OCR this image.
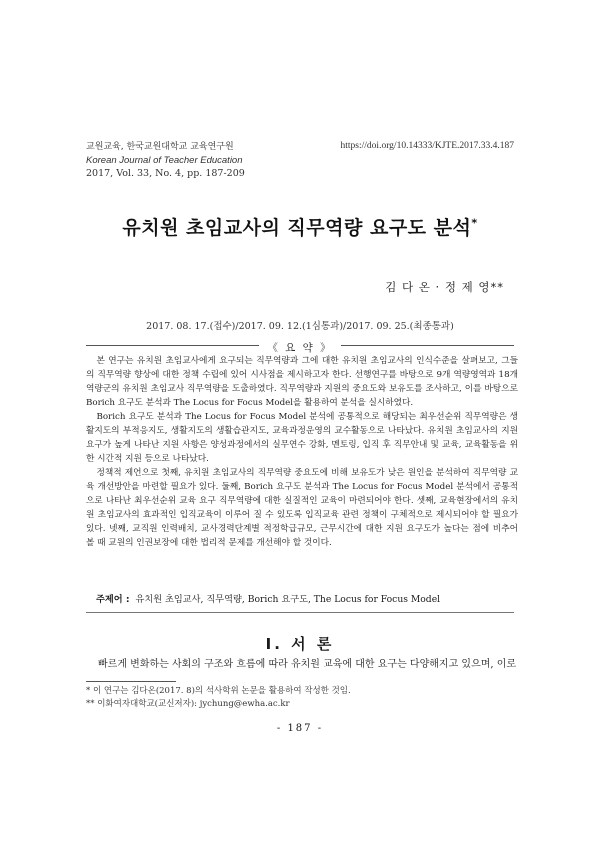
교원교육, 한국교원대학교 교육연구원
Korean Journal of Teacher Education
2017, Vol. 33, No. 4, pp. 187-209
https://doi.org/10.14333/KJTE.2017.33.4.187
유치원 초임교사의 직무역량 요구도 분석*
김 다 온 · 정 제 영**
2017. 08. 17.(접수)/2017. 09. 12.(1심통과)/2017. 09. 25.(최종통과)
《 요 약 》

본 연구는 유치원 초임교사에게 요구되는 직무역량과 그에 대한 유치원 초임교사의 인식수준을 살펴보고, 그들의 직무역량 향상에 대한 정책 수립에 있어 시사점을 제시하고자 한다. 선행연구를 바탕으로 9개 역량영역과 18개 역량군의 유치원 초임교사 직무역량을 도출하였다. 직무역량과 지원의 중요도와 보유도를 조사하고, 이를 바탕으로 Borich 요구도 분석과 The Locus for Focus Model을 활용하여 분석을 실시하였다.

Borich 요구도 분석과 The Locus for Focus Model 분석에 공통적으로 해당되는 최우선순위 직무역량은 생활지도의 부적응지도, 생활지도의 생활습관지도, 교육과정운영의 교수활동으로 나타났다. 유치원 초임교사의 지원요구가 높게 나타난 지원 사항은 양성과정에서의 실무연수 강화, 멘토링, 입직 후 직무안내 및 교육, 교육활동을 위한 시간적 지원 등으로 나타났다.

정책적 제언으로 첫째, 유치원 초임교사의 직무역량 중요도에 비해 보유도가 낮은 원인을 분석하여 직무역량 교육 개선방안을 마련할 필요가 있다. 둘째, Borich 요구도 분석과 The Locus for Focus Model 분석에서 공통적으로 나타난 최우선순위 교육 요구 직무역량에 대한 실질적인 교육이 마련되어야 한다. 셋째, 교육현장에서의 유치원 초임교사의 효과적인 입직교육이 이루어 질 수 있도록 입직교육 관련 정책이 구체적으로 제시되어야 할 필요가 있다. 넷째, 교직원 인력배치, 교사경력단계별 적정학급규모, 근무시간에 대한 지원 요구도가 높다는 점에 비추어 볼 때 교원의 인권보장에 대한 법리적 문제를 개선해야 할 것이다.

주제어 : 유치원 초임교사, 직무역량, Borich 요구도, The Locus for Focus Model
Ⅰ. 서 론
빠르게 변화하는 사회의 구조와 흐름에 따라 유치원 교육에 대한 요구는 다양해지고 있으며, 이로
* 이 연구는 김다온(2017. 8)의 석사학위 논문을 활용하여 작성한 것임.
** 이화여자대학교(교신저자): jychung@ewha.ac.kr
- 187 -
